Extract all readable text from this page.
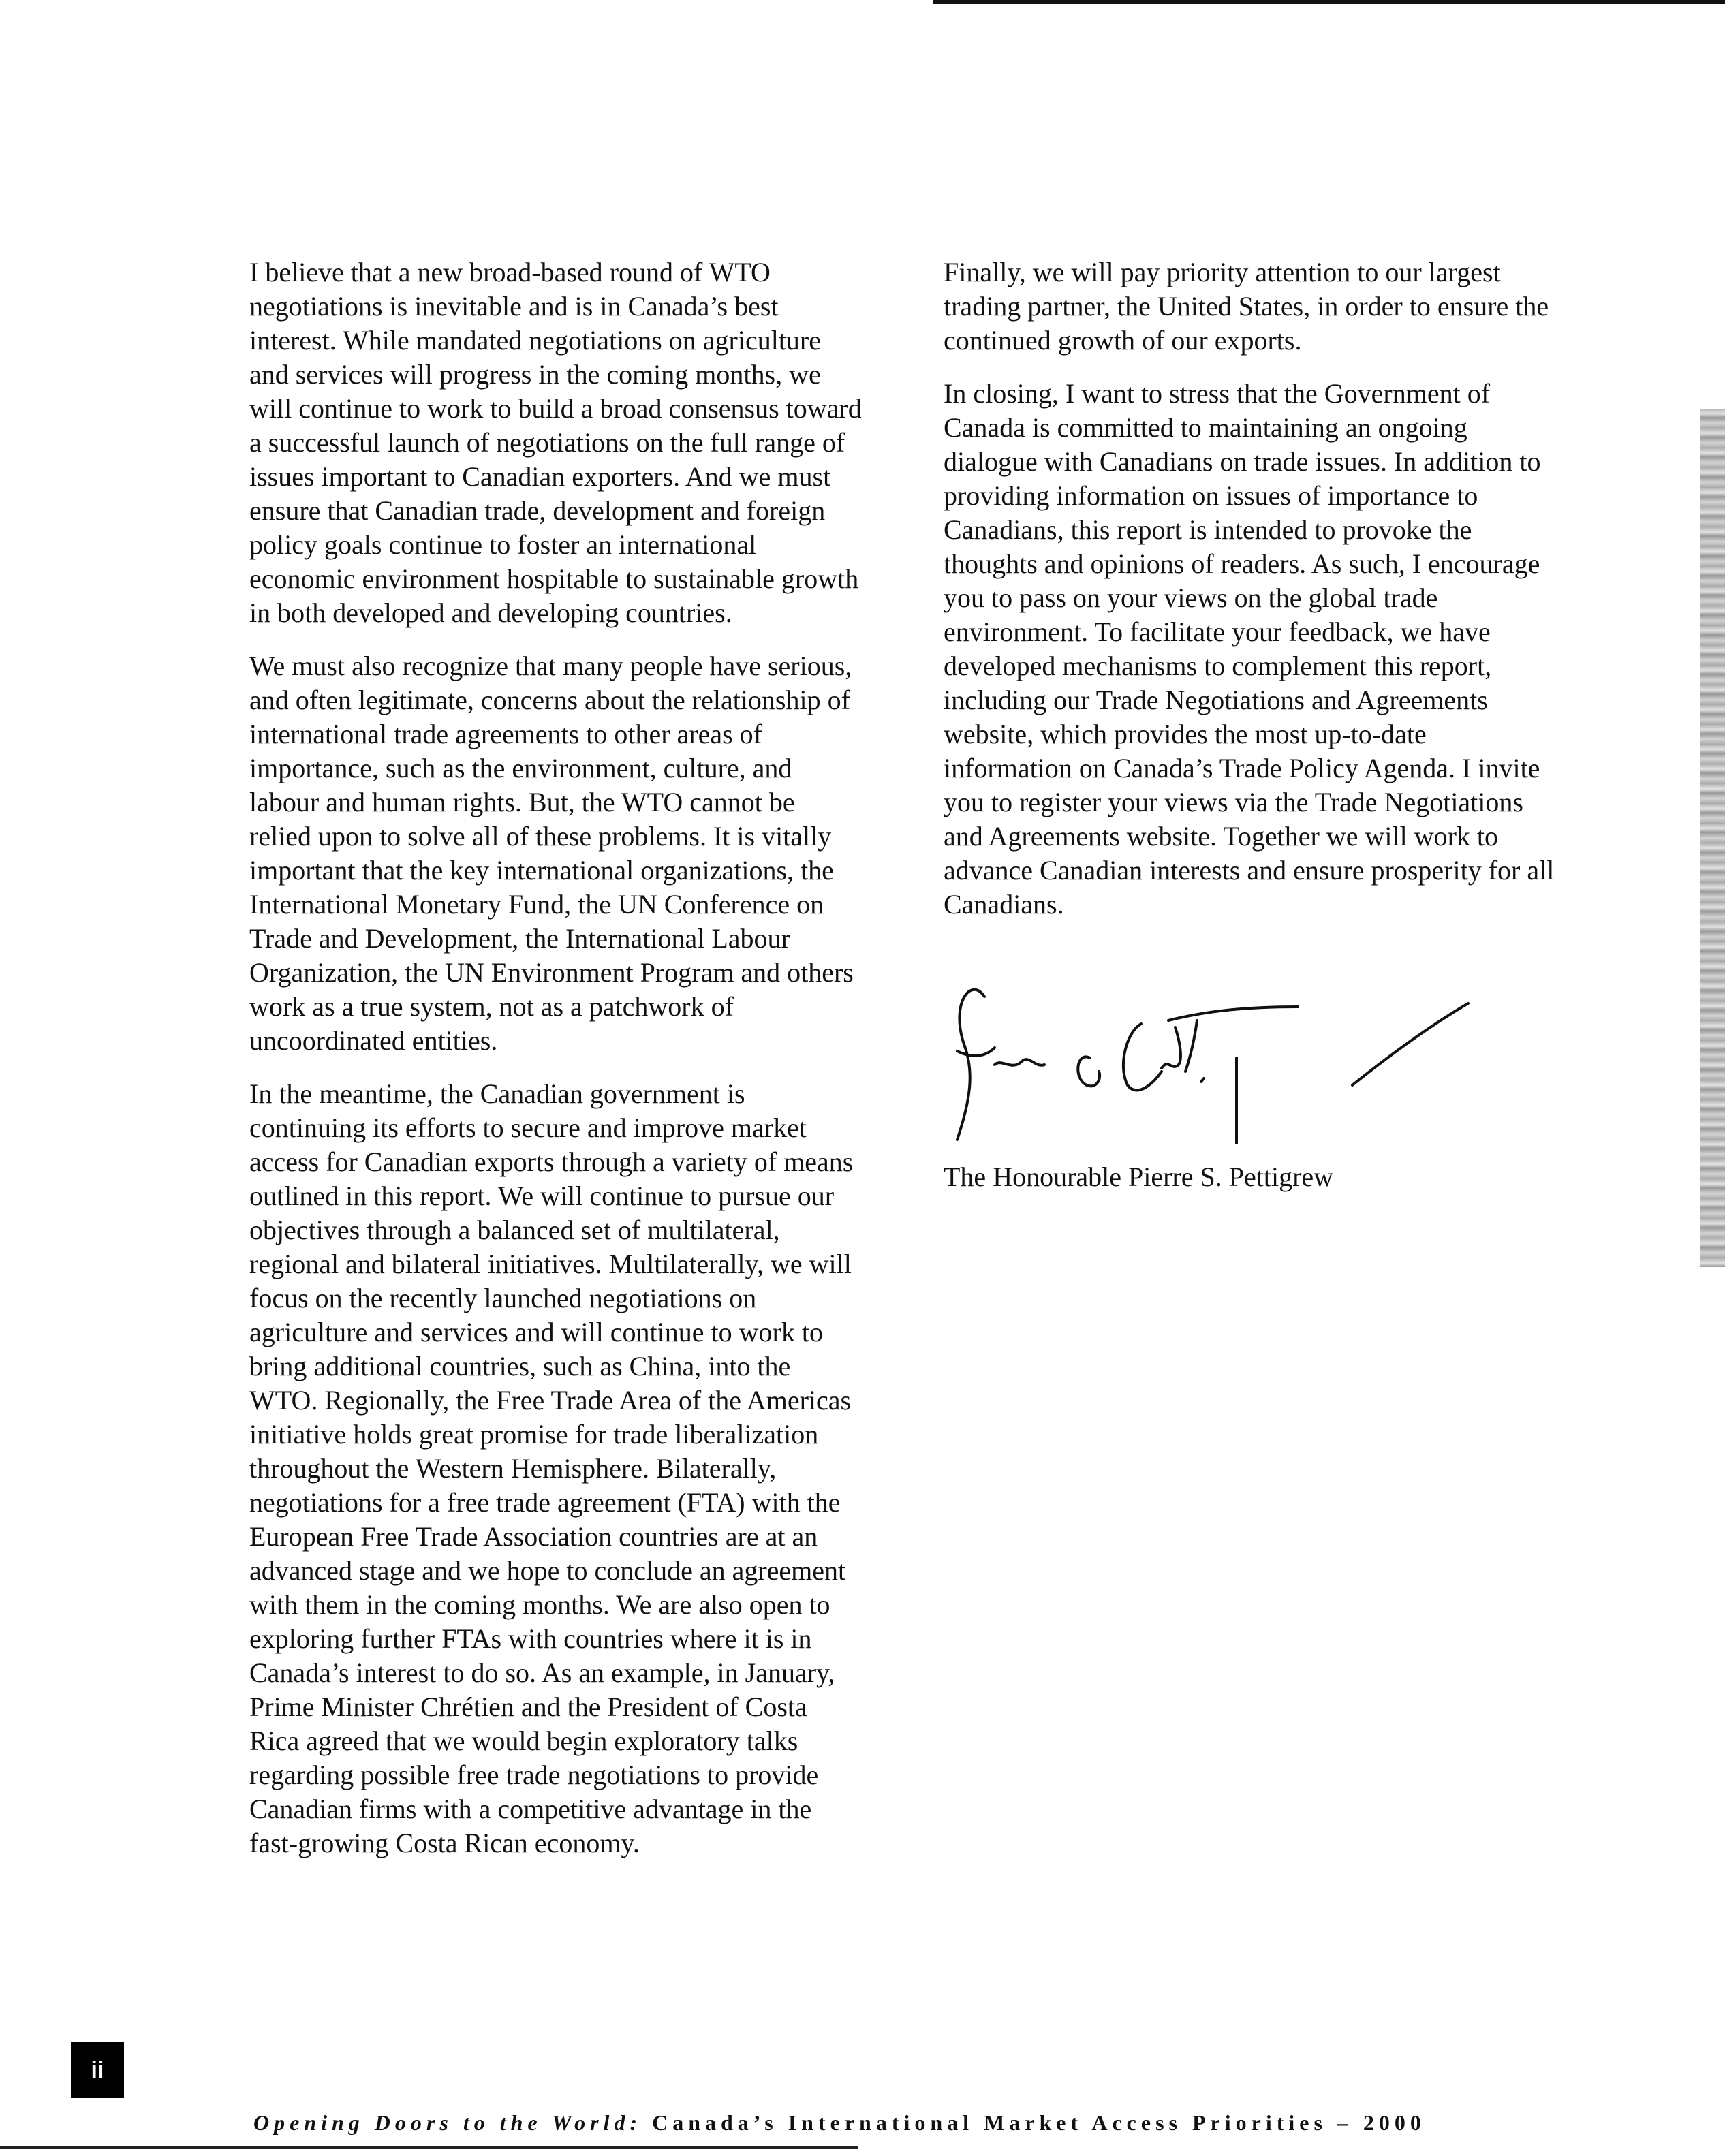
I believe that a new broad-based round of WTO negotiations is inevitable and is in Canada’s best interest. While mandated negotiations on agriculture and services will progress in the coming months, we will continue to work to build a broad consensus toward a successful launch of negotiations on the full range of issues important to Canadian exporters. And we must ensure that Canadian trade, development and foreign policy goals continue to foster an international economic environment hospitable to sustainable growth in both developed and developing countries.

We must also recognize that many people have serious, and often legitimate, concerns about the relationship of international trade agreements to other areas of importance, such as the environment, culture, and labour and human rights. But, the WTO cannot be relied upon to solve all of these problems. It is vitally important that the key international organizations, the International Monetary Fund, the UN Conference on Trade and Development, the International Labour Organization, the UN Environment Program and others work as a true system, not as a patchwork of uncoordinated entities.

In the meantime, the Canadian government is continuing its efforts to secure and improve market access for Canadian exports through a variety of means outlined in this report. We will continue to pursue our objectives through a balanced set of multilateral, regional and bilateral initiatives. Multilaterally, we will focus on the recently launched negotiations on agriculture and services and will continue to work to bring additional countries, such as China, into the WTO. Regionally, the Free Trade Area of the Americas initiative holds great promise for trade liberalization throughout the Western Hemisphere. Bilaterally, negotiations for a free trade agreement (FTA) with the European Free Trade Association countries are at an advanced stage and we hope to conclude an agreement with them in the coming months. We are also open to exploring further FTAs with countries where it is in Canada’s interest to do so. As an example, in January, Prime Minister Chrétien and the President of Costa Rica agreed that we would begin exploratory talks regarding possible free trade negotiations to provide Canadian firms with a competitive advantage in the fast-growing Costa Rican economy.

Finally, we will pay priority attention to our largest trading partner, the United States, in order to ensure the continued growth of our exports.

In closing, I want to stress that the Government of Canada is committed to maintaining an ongoing dialogue with Canadians on trade issues. In addition to providing information on issues of importance to Canadians, this report is intended to provoke the thoughts and opinions of readers. As such, I encourage you to pass on your views on the global trade environment. To facilitate your feedback, we have developed mechanisms to complement this report, including our Trade Negotiations and Agreements website, which provides the most up-to-date information on Canada’s Trade Policy Agenda. I invite you to register your views via the Trade Negotiations and Agreements website. Together we will work to advance Canadian interests and ensure prosperity for all Canadians.

The Honourable Pierre S. Pettigrew

ii
Opening Doors to the World: Canada’s International Market Access Priorities – 2000
